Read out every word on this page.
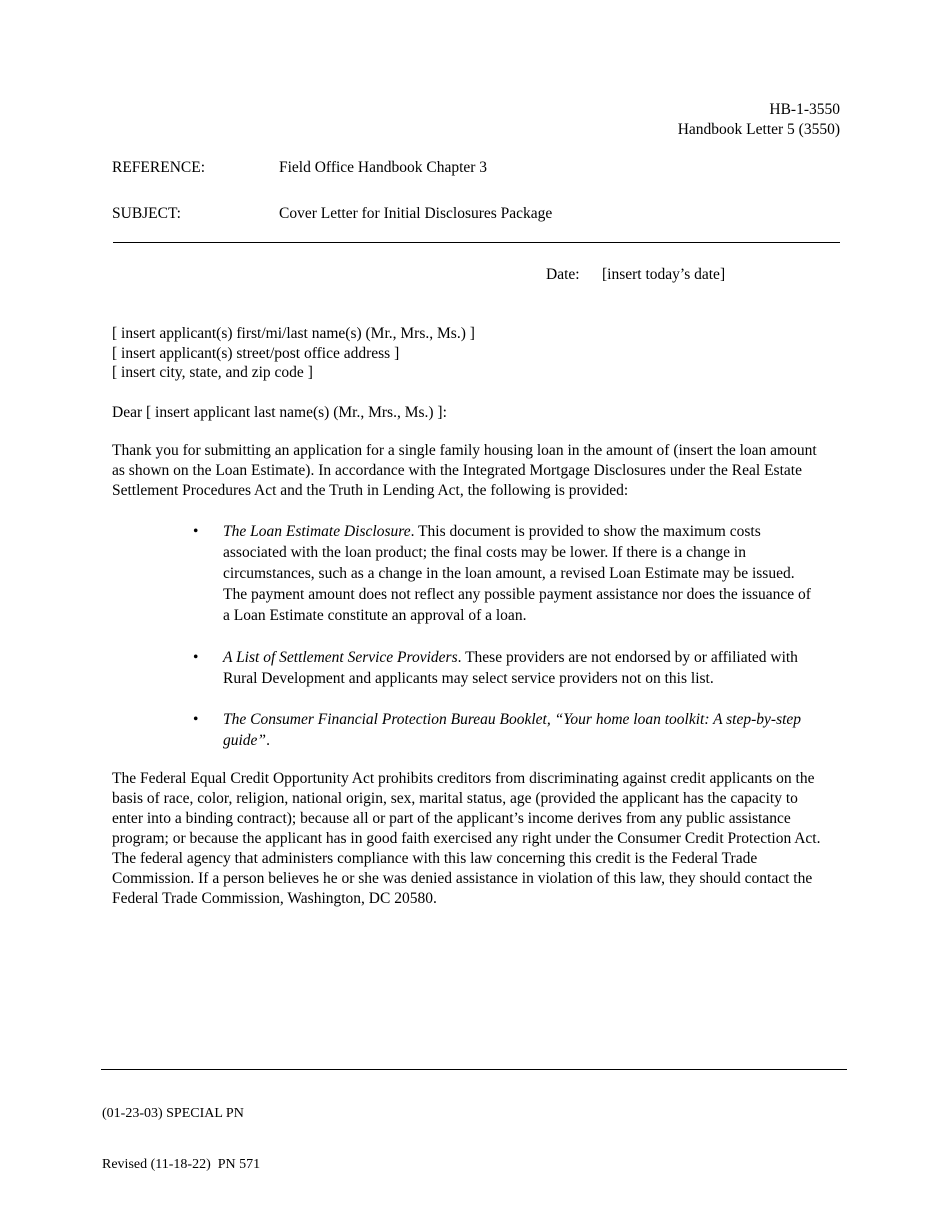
HB-1-3550
Handbook Letter 5 (3550)
REFERENCE:	Field Office Handbook Chapter 3
SUBJECT:	Cover Letter for Initial Disclosures Package
Date: [insert today’s date]
[ insert applicant(s) first/mi/last name(s) (Mr., Mrs., Ms.) ]
[ insert applicant(s) street/post office address ]
[ insert city, state, and zip code ]
Dear [ insert applicant last name(s) (Mr., Mrs., Ms.) ]:
Thank you for submitting an application for a single family housing loan in the amount of (insert the loan amount as shown on the Loan Estimate). In accordance with the Integrated Mortgage Disclosures under the Real Estate Settlement Procedures Act and the Truth in Lending Act, the following is provided:
•	The Loan Estimate Disclosure. This document is provided to show the maximum costs associated with the loan product; the final costs may be lower. If there is a change in circumstances, such as a change in the loan amount, a revised Loan Estimate may be issued. The payment amount does not reflect any possible payment assistance nor does the issuance of a Loan Estimate constitute an approval of a loan.
•	A List of Settlement Service Providers. These providers are not endorsed by or affiliated with Rural Development and applicants may select service providers not on this list.
•	The Consumer Financial Protection Bureau Booklet, “Your home loan toolkit: A step-by-step guide”.
The Federal Equal Credit Opportunity Act prohibits creditors from discriminating against credit applicants on the basis of race, color, religion, national origin, sex, marital status, age (provided the applicant has the capacity to enter into a binding contract); because all or part of the applicant’s income derives from any public assistance program; or because the applicant has in good faith exercised any right under the Consumer Credit Protection Act. The federal agency that administers compliance with this law concerning this credit is the Federal Trade Commission. If a person believes he or she was denied assistance in violation of this law, they should contact the Federal Trade Commission, Washington, DC 20580.

(01-23-03) SPECIAL PN

Revised (11-18-22)  PN 571
